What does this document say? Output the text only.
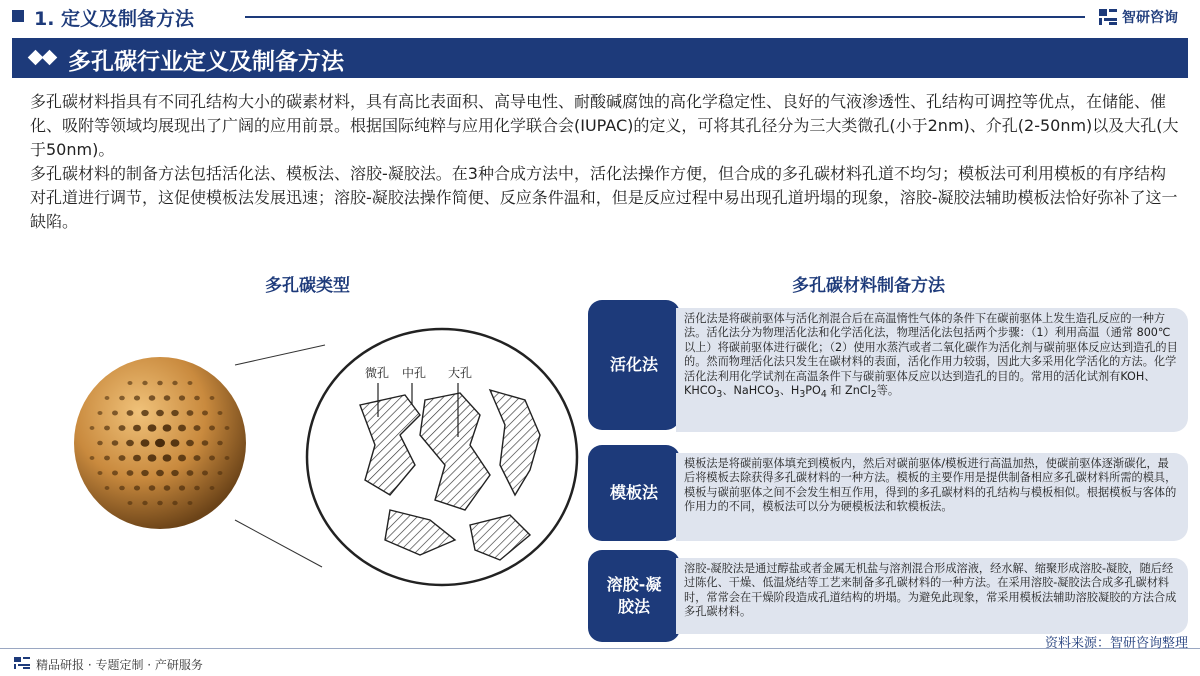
1. 定义及制备方法	智研咨询
多孔碳行业定义及制备方法

多孔碳材料指具有不同孔结构大小的碳素材料，具有高比表面积、高导电性、耐酸碱腐蚀的高化学稳定性、良好的气液渗透性、孔结构可调控等优点，在储能、催化、吸附等领域均展现出了广阔的应用前景。根据国际纯粹与应用化学联合会(IUPAC)的定义，可将其孔径分为三大类微孔(小于2nm)、介孔(2-50nm)以及大孔(大于50nm)。

多孔碳材料的制备方法包括活化法、模板法、溶胶-凝胶法。在3种合成方法中，活化法操作方便，但合成的多孔碳材料孔道不均匀；模板法可利用模板的有序结构对孔道进行调节，这促使模板法发展迅速；溶胶-凝胶法操作简便、反应条件温和，但是反应过程中易出现孔道坍塌的现象，溶胶-凝胶法辅助模板法恰好弥补了这一缺陷。

多孔碳类型	多孔碳材料制备方法
微孔 中孔 大孔	活化法
活化法是将碳前驱体与活化剂混合后在高温惰性气体的条件下在碳前驱体上发生造孔反应的一种方法。活化法分为物理活化法和化学活化法，物理活化法包括两个步骤：（1）利用高温（通常 800℃以上）将碳前驱体进行碳化；（2）使用水蒸汽或者二氧化碳作为活化剂与碳前驱体反应达到造孔的目的。然而物理活化法只发生在碳材料的表面，活化作用力较弱，因此大多采用化学活化的方法。化学活化法利用化学试剂在高温条件下与碳前驱体反应以达到造孔的目的。常用的活化试剂有KOH、$KHCO_3$、NaHCO$_3$、$H_3PO_4$ 和 ZnCl$_2$等。
模板法
模板法是将碳前驱体填充到模板内，然后对碳前驱体/模板进行高温加热，使碳前驱体逐渐碳化，最后将模板去除获得多孔碳材料的一种方法。模板的主要作用是提供制备相应多孔碳材料所需的模具，模板与碳前驱体之间不会发生相互作用，得到的多孔碳材料的孔结构与模板相似。根据模板与客体的作用力的不同，模板法可以分为硬模板法和软模板法。
溶胶-凝胶法
溶胶-凝胶法是通过醇盐或者金属无机盐与溶剂混合形成溶液，经水解、缩聚形成溶胶-凝胶，随后经过陈化、干燥、低温烧结等工艺来制备多孔碳材料的一种方法。在采用溶胶-凝胶法合成多孔碳材料时，常常会在干燥阶段造成孔道结构的坍塌。为避免此现象，常采用模板法辅助溶胶凝胶的方法合成多孔碳材料。
精品研报 · 专题定制 · 产研服务
资料来源：智研咨询整理
